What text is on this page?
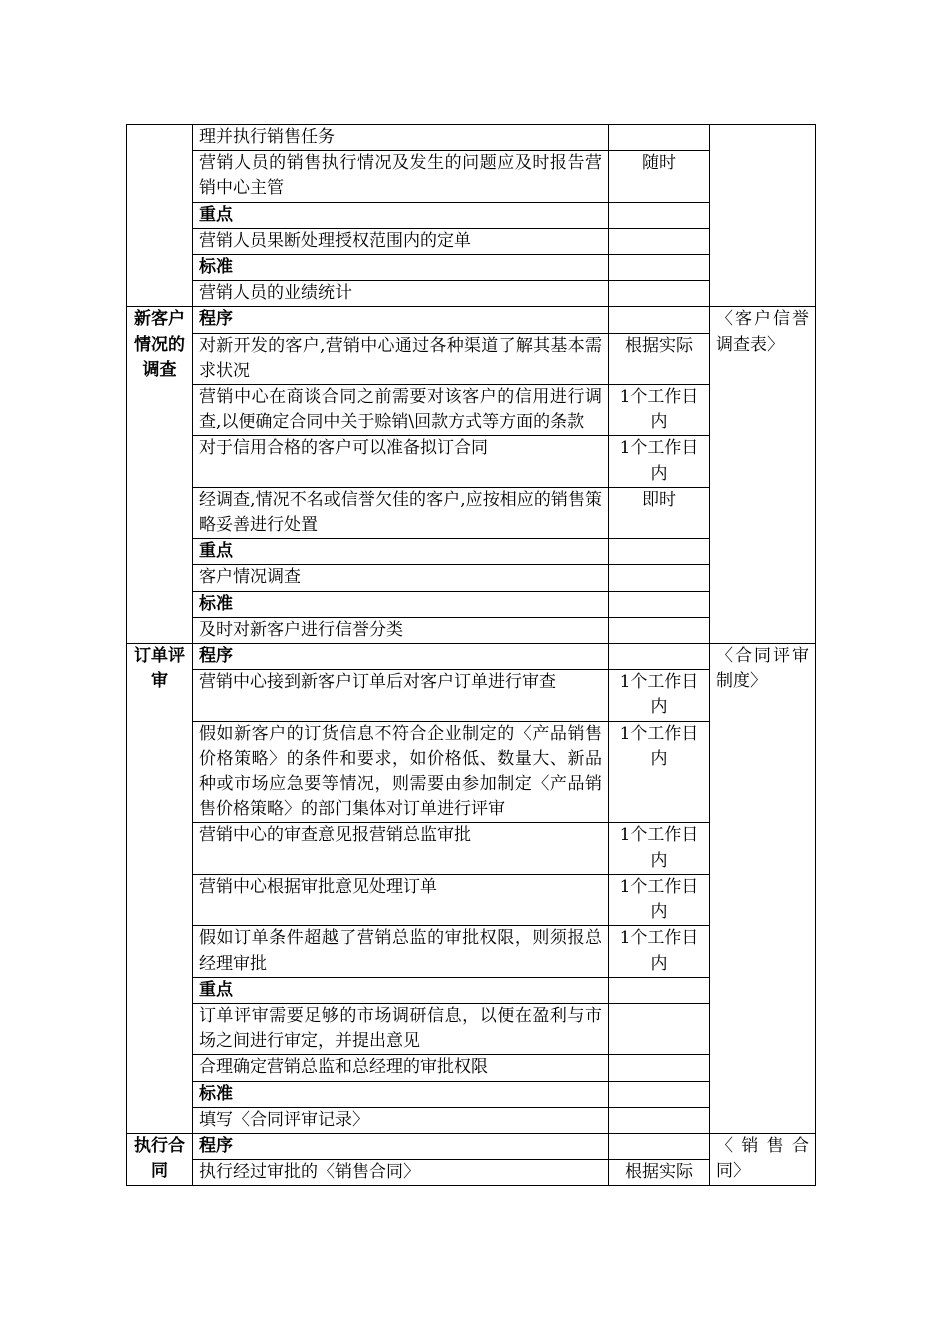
	理并执行销售任务		
	营销人员的销售执行情况及发生的问题应及时报告营销中心主管	随时	
	重点		
	营销人员果断处理授权范围内的定单		
	标准		
	营销人员的业绩统计		
新客户情况的调查	程序		〈客户信誉调查表〉
	对新开发的客户,营销中心通过各种渠道了解其基本需求状况	根据实际	
	营销中心在商谈合同之前需要对该客户的信用进行调查,以便确定合同中关于赊销\回款方式等方面的条款	1个工作日内	
	对于信用合格的客户可以准备拟订合同	1个工作日内	
	经调查,情况不名或信誉欠佳的客户,应按相应的销售策略妥善进行处置	即时	
	重点		
	客户情况调查		
	标准		
	及时对新客户进行信誉分类		
订单评审	程序		〈合同评审制度〉
	营销中心接到新客户订单后对客户订单进行审查	1个工作日内	
	假如新客户的订货信息不符合企业制定的〈产品销售价格策略〉的条件和要求，如价格低、数量大、新品种或市场应急要等情况，则需要由参加制定〈产品销售价格策略〉的部门集体对订单进行评审	1个工作日内	
	营销中心的审查意见报营销总监审批	1个工作日内	
	营销中心根据审批意见处理订单	1个工作日内	
	假如订单条件超越了营销总监的审批权限，则须报总经理审批	1个工作日内	
	重点		
	订单评审需要足够的市场调研信息，以便在盈利与市场之间进行审定，并提出意见		
	合理确定营销总监和总经理的审批权限		
	标准		
	填写〈合同评审记录〉		
执行合同	程序		〈销售合同〉
	执行经过审批的〈销售合同〉	根据实际	
